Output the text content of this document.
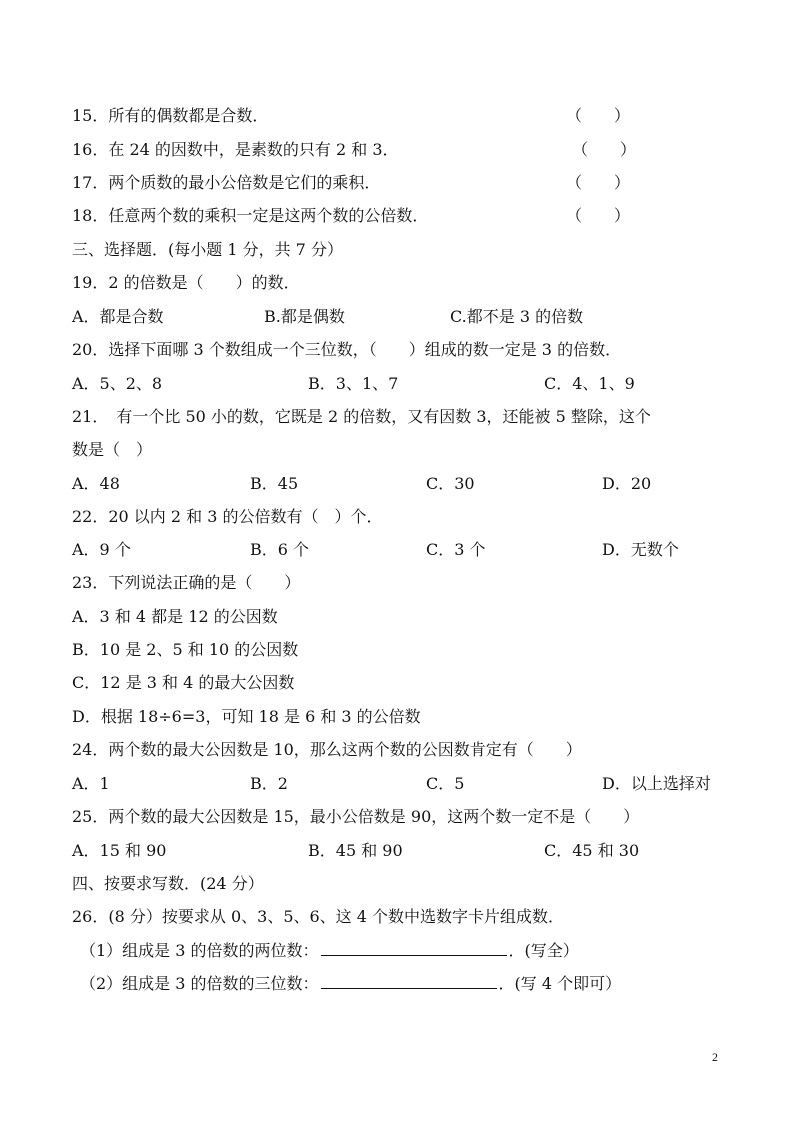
15．所有的偶数都是合数．	（　　）
16．在 24 的因数中，是素数的只有 2 和 3．	（　　）
17．两个质数的最小公倍数是它们的乘积．	（　　）
18．任意两个数的乘积一定是这两个数的公倍数．	（　　）
三、选择题．(每小题 1 分，共 7 分）
19．2 的倍数是（　　）的数．
A．都是合数	B.都是偶数	C.都不是 3 的倍数
20．选择下面哪 3 个数组成一个三位数，（　　）组成的数一定是 3 的倍数．
A．5、2、8	B．3、1、7	C．4、1、9
21．　有一个比 50 小的数，它既是 2 的倍数，又有因数 3，还能被 5 整除，这个
数是（　）
A．48	B．45	C．30	D．20
22．20 以内 2 和 3 的公倍数有（　）个．
A．9 个	B．6 个	C．3 个	D．无数个
23．下列说法正确的是（　　）
A．3 和 4 都是 12 的公因数
B．10 是 2、5 和 10 的公因数
C．12 是 3 和 4 的最大公因数
D．根据 18÷6=3，可知 18 是 6 和 3 的公倍数
24．两个数的最大公因数是 10，那么这两个数的公因数肯定有（　　）
A．1	B．2	C．5	D．以上选择对
25．两个数的最大公因数是 15，最小公倍数是 90，这两个数一定不是（　　）
A．15 和 90	B．45 和 90	C．45 和 30
四、按要求写数．(24 分）
26．(8 分）按要求从 0、3、5、6、这 4 个数中选数字卡片组成数．
（1）组成是 3 的倍数的两位数：	．(写全）
（2）组成是 3 的倍数的三位数：	．(写 4 个即可）
2
